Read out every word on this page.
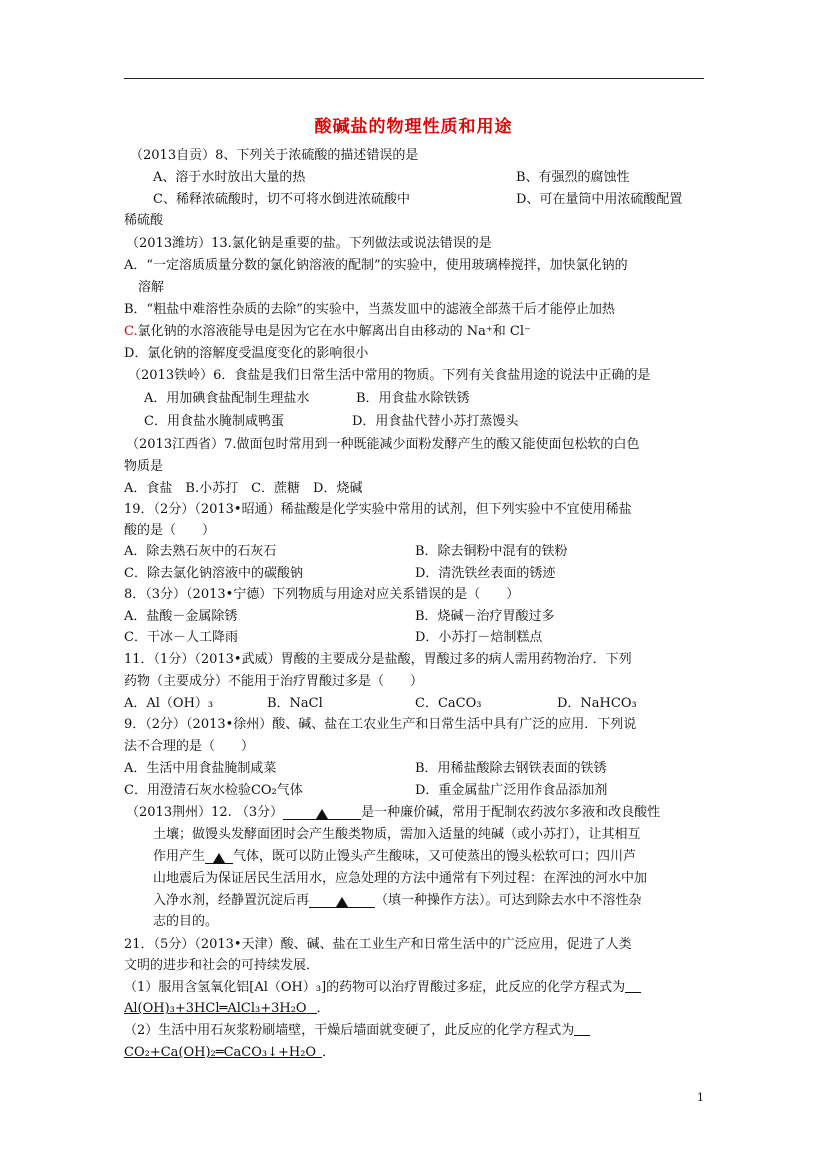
酸碱盐的物理性质和用途
（2013自贡）8、下列关于浓硫酸的描述错误的是
A、溶于水时放出大量的热	B、有强烈的腐蚀性
C、稀释浓硫酸时，切不可将水倒进浓硫酸中	D、可在量筒中用浓硫酸配置
稀硫酸
（2013潍坊）13.氯化钠是重要的盐。下列做法或说法错误的是
A．“一定溶质质量分数的氯化钠溶液的配制”的实验中，使用玻璃棒搅拌，加快氯化钠的
溶解
B．“粗盐中难溶性杂质的去除”的实验中，当蒸发皿中的滤液全部蒸干后才能停止加热
C.氯化钠的水溶液能导电是因为它在水中解离出自由移动的 Na⁺和 Cl⁻
D．氯化钠的溶解度受温度变化的影响很小
（2013铁岭）6．食盐是我们日常生活中常用的物质。下列有关食盐用途的说法中正确的是
A．用加碘食盐配制生理盐水	B．用食盐水除铁锈
C．用食盐水腌制咸鸭蛋	D．用食盐代替小苏打蒸馒头
（2013江西省）7.做面包时常用到一种既能减少面粉发酵产生的酸又能使面包松软的白色
物质是
A．食盐　B.小苏打　C．蔗糖　D．烧碱
19．（2分）（2013•昭通）稀盐酸是化学实验中常用的试剂，但下列实验中不宜使用稀盐
酸的是（　　）
A．除去熟石灰中的石灰石	B．除去铜粉中混有的铁粉
C．除去氯化钠溶液中的碳酸钠	D．清洗铁丝表面的锈迹
8．（3分）（2013•宁德）下列物质与用途对应关系错误的是（　　）
A．盐酸－金属除锈	B．烧碱－治疗胃酸过多
C．干冰－人工降雨	D．小苏打－焙制糕点
11．（1分）（2013•武威）胃酸的主要成分是盐酸，胃酸过多的病人需用药物治疗．下列
药物（主要成分）不能用于治疗胃酸过多是（　　）
A．Al（OH）₃	B．NaCl	C．CaCO₃	D．NaHCO₃
9．（2分）（2013•徐州）酸、碱、盐在工农业生产和日常生活中具有广泛的应用．下列说
法不合理的是（　　）
A．生活中用食盐腌制咸菜	B．用稀盐酸除去钢铁表面的铁锈
C．用澄清石灰水检验CO₂气体	D．重金属盐广泛用作食品添加剂
（2013荆州）12. （3分）	是一种廉价碱，常用于配制农药波尔多液和改良酸性
土壤；做馒头发酵面团时会产生酸类物质，需加入适量的纯碱（或小苏打），让其相互
作用产生 气体，既可以防止馒头产生酸味，又可使蒸出的馒头松软可口；四川芦
山地震后为保证居民生活用水，应急处理的方法中通常有下列过程：在浑浊的河水中加
入净水剂，经静置沉淀后再	（填一种操作方法）。可达到除去水中不溶性杂
志的目的。
21．（5分）（2013•天津）酸、碱、盐在工业生产和日常生活中的广泛应用，促进了人类
文明的进步和社会的可持续发展．
（1）服用含氢氧化铝[Al（OH）₃]的药物可以治疗胃酸过多症，此反应的化学方程式为
Al(OH)₃+3HCl═AlCl₃+3H₂O ．
（2）生活中用石灰浆粉刷墙壁，干燥后墙面就变硬了，此反应的化学方程式为
CO₂+Ca(OH)₂═CaCO₃↓+H₂O ．
1
